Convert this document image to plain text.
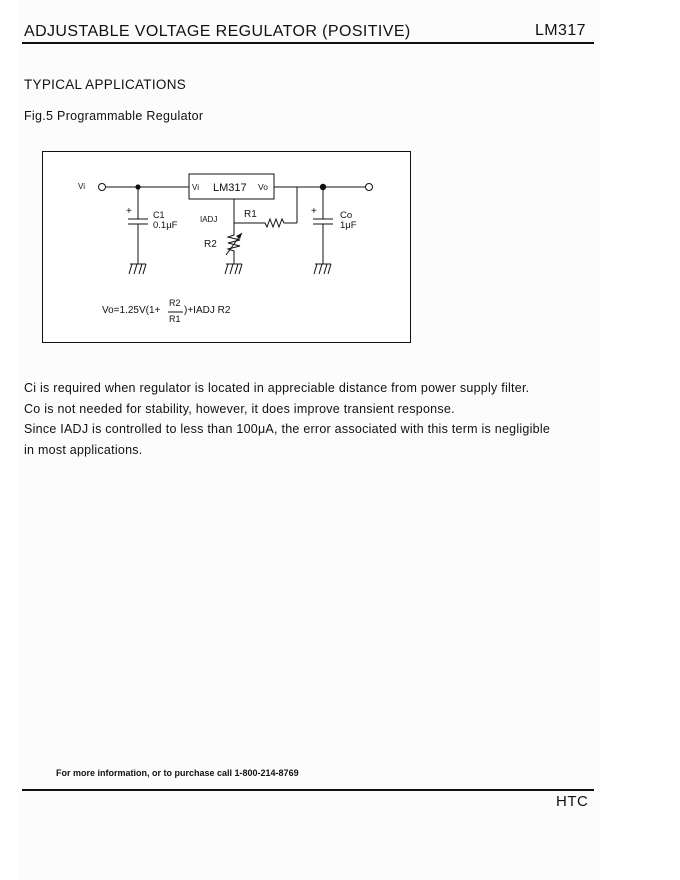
ADJUSTABLE VOLTAGE REGULATOR (POSITIVE)	LM317
TYPICAL APPLICATIONS
Fig.5 Programmable Regulator
Vi	Vi LM317 Vo
IADJ	R1
R2
+ C1
0.1μF
+ Co
1μF
Vo=1.25V(1+
R2
R1
)+IADJ R2

Ci is required when regulator is located in appreciable distance from power supply filter.

Co is not needed for stability, however, it does improve transient response.

Since IADJ is controlled to less than 100μA, the error associated with this term is negligible

in most applications.

For more information, or to purchase call 1-800-214-8769
HTC
